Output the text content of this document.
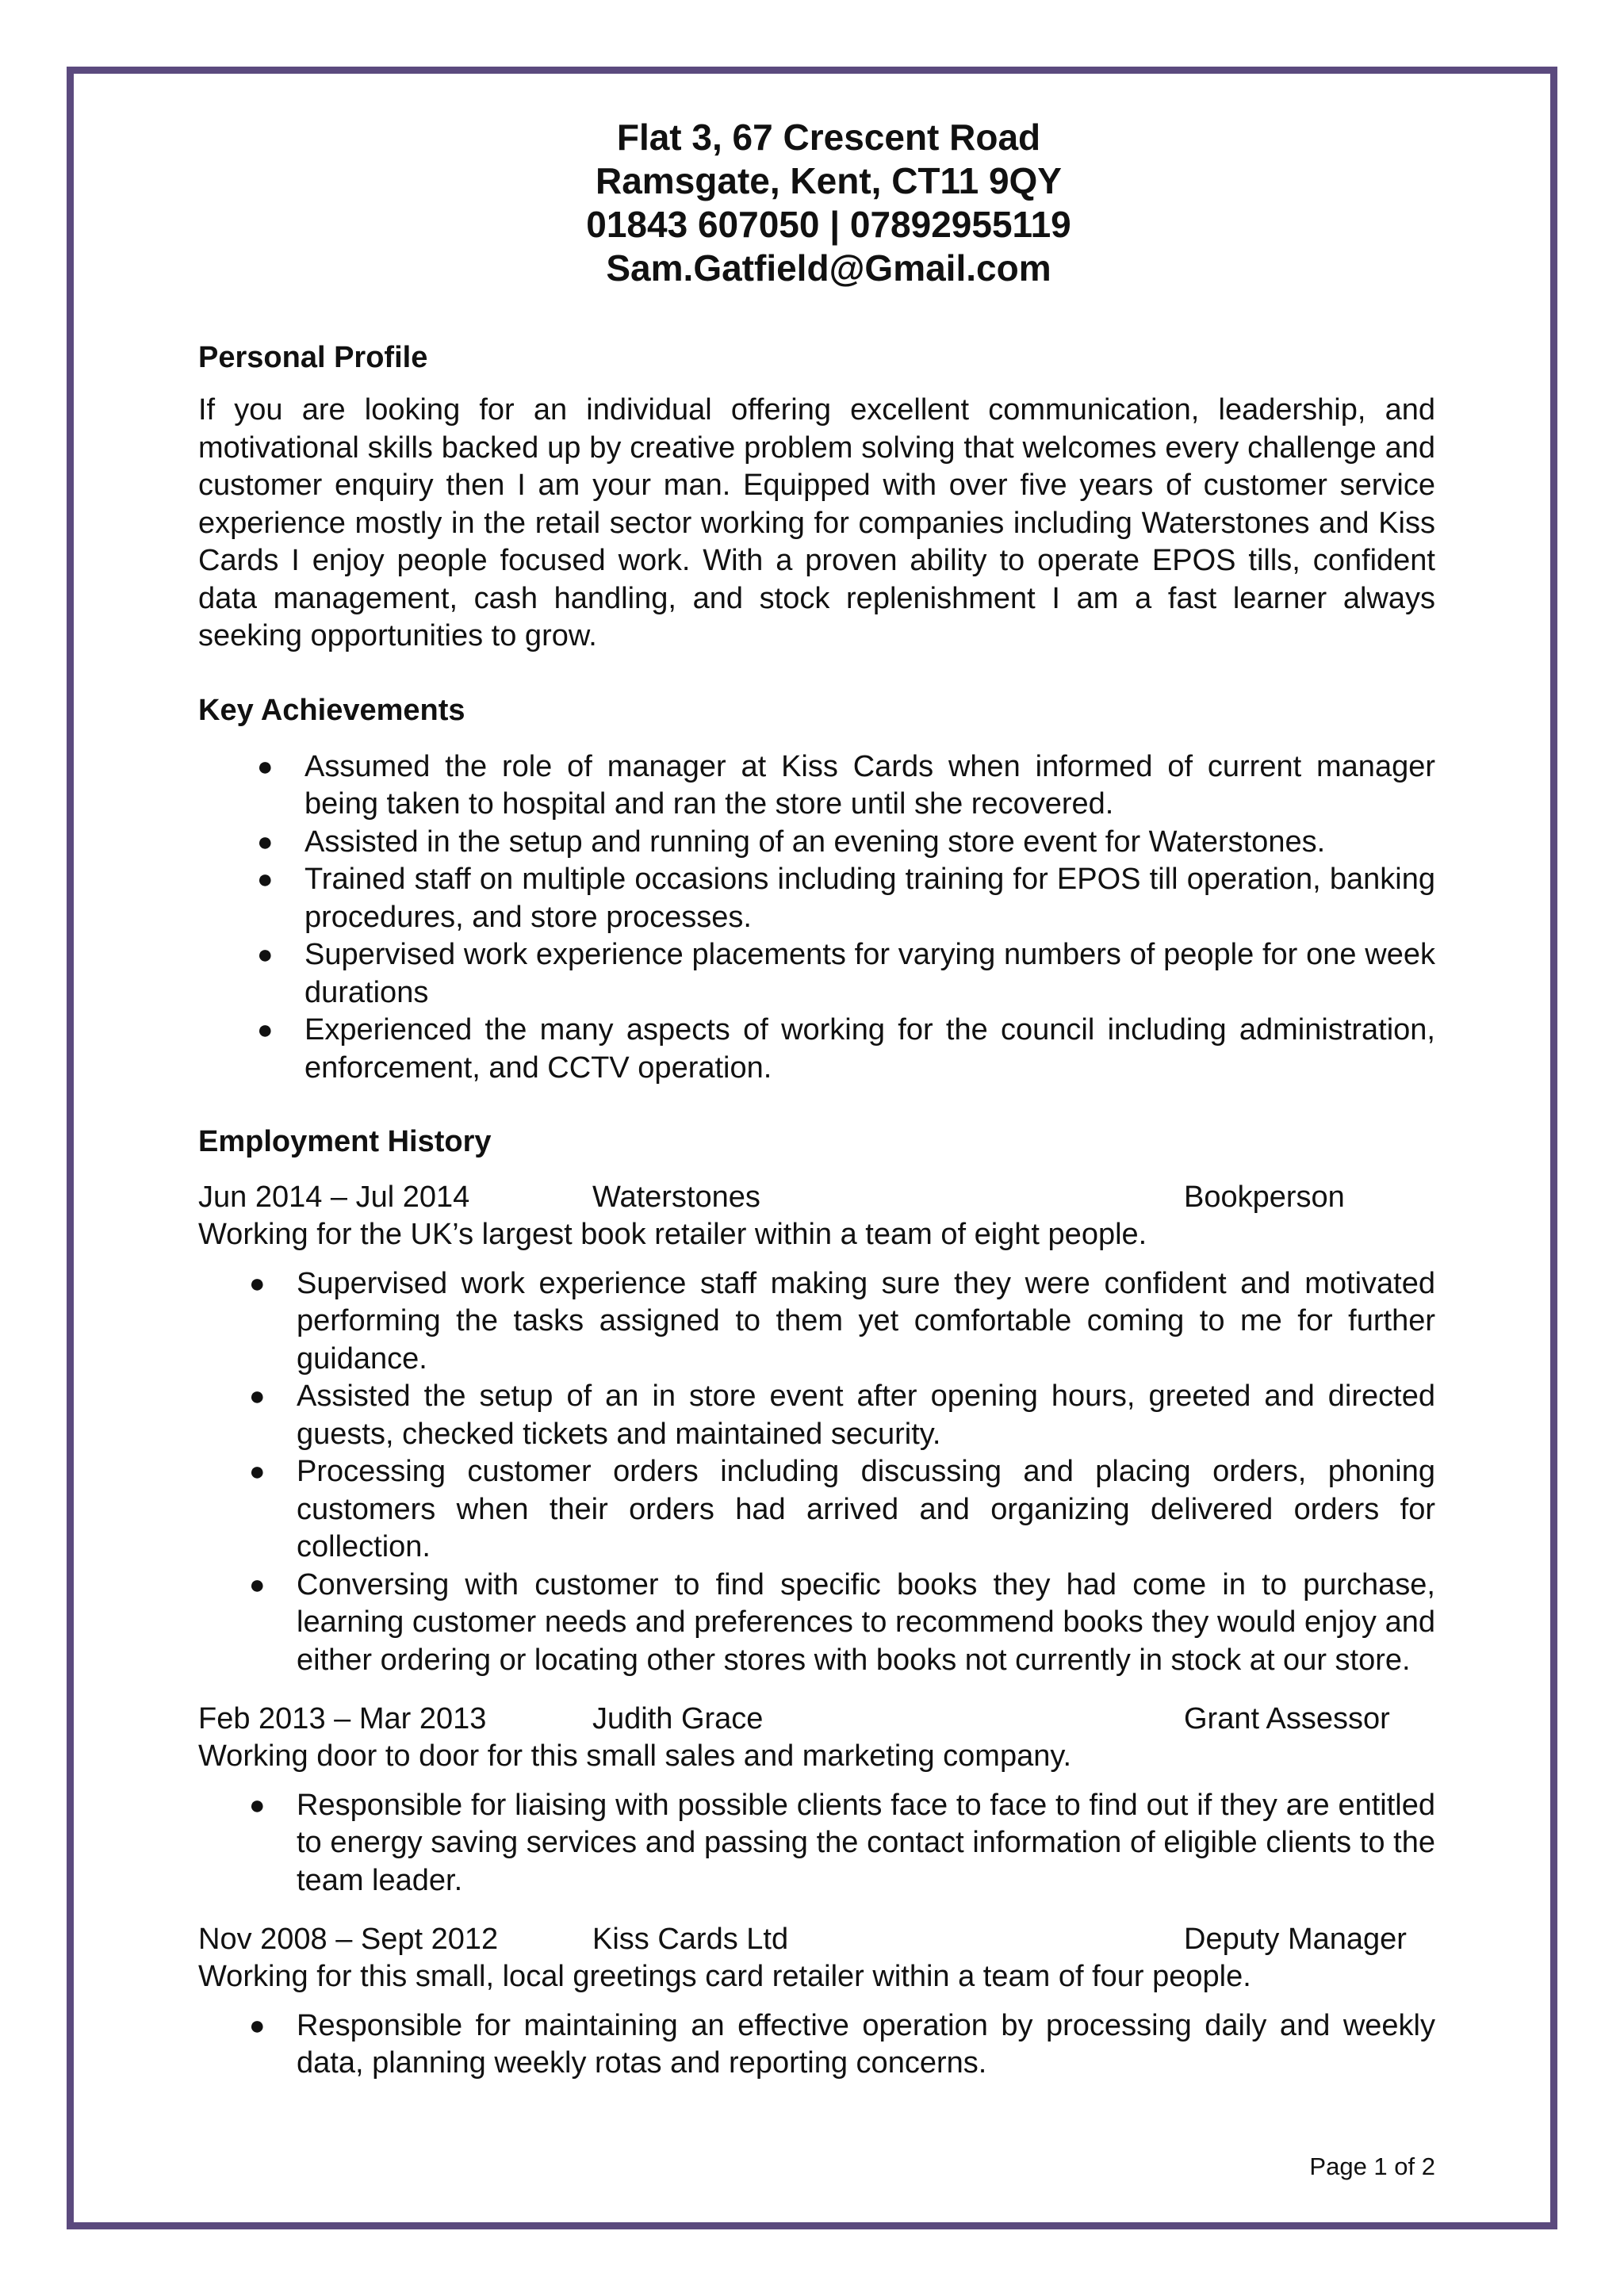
Flat 3, 67 Crescent Road
Ramsgate, Kent, CT11 9QY
01843 607050 | 07892955119
Sam.Gatfield@Gmail.com
Personal Profile
If you are looking for an individual offering excellent communication, leadership, and motivational skills backed up by creative problem solving that welcomes every challenge and customer enquiry then I am your man. Equipped with over five years of customer service experience mostly in the retail sector working for companies including Waterstones and Kiss Cards I enjoy people focused work. With a proven ability to operate EPOS tills, confident data management, cash handling, and stock replenishment I am a fast learner always seeking opportunities to grow.
Key Achievements
● Assumed the role of manager at Kiss Cards when informed of current manager being taken to hospital and ran the store until she recovered.
● Assisted in the setup and running of an evening store event for Waterstones.
● Trained staff on multiple occasions including training for EPOS till operation, banking procedures, and store processes.
● Supervised work experience placements for varying numbers of people for one week durations
● Experienced the many aspects of working for the council including administration, enforcement, and CCTV operation.
Employment History
Jun 2014 – Jul 2014	Waterstones	Bookperson
Working for the UK’s largest book retailer within a team of eight people.
● Supervised work experience staff making sure they were confident and motivated performing the tasks assigned to them yet comfortable coming to me for further guidance.
● Assisted the setup of an in store event after opening hours, greeted and directed guests, checked tickets and maintained security.
● Processing customer orders including discussing and placing orders, phoning customers when their orders had arrived and organizing delivered orders for collection.
● Conversing with customer to find specific books they had come in to purchase, learning customer needs and preferences to recommend books they would enjoy and either ordering or locating other stores with books not currently in stock at our store.
Feb 2013 – Mar 2013	Judith Grace	Grant Assessor
Working door to door for this small sales and marketing company.
● Responsible for liaising with possible clients face to face to find out if they are entitled to energy saving services and passing the contact information of eligible clients to the team leader.
Nov 2008 – Sept 2012	Kiss Cards Ltd	Deputy Manager
Working for this small, local greetings card retailer within a team of four people.
● Responsible for maintaining an effective operation by processing daily and weekly data, planning weekly rotas and reporting concerns.
Page 1 of 2
